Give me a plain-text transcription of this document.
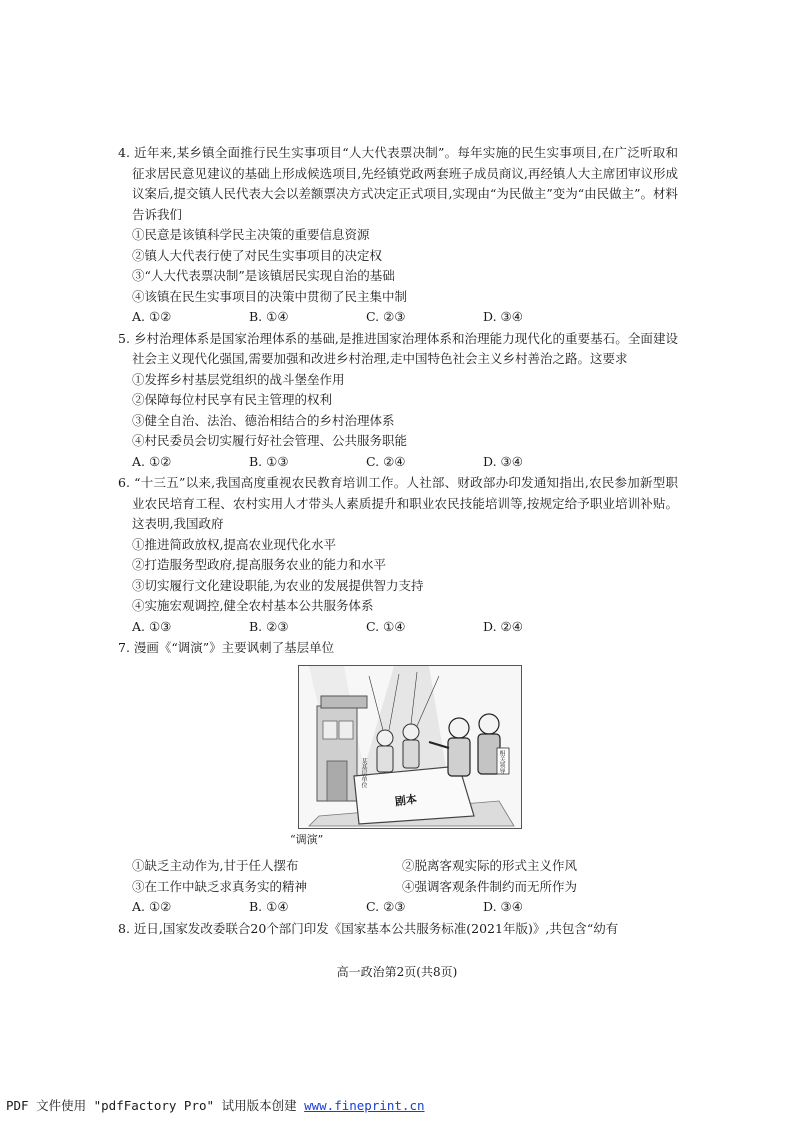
4. 近年来,某乡镇全面推行民生实事项目“人大代表票决制”。每年实施的民生实事项目,在广泛听取和征求居民意见建议的基础上形成候选项目,先经镇党政两套班子成员商议,再经镇人大主席团审议形成议案后,提交镇人民代表大会以差额票决方式决定正式项目,实现由“为民做主”变为“由民做主”。材料告诉我们
①民意是该镇科学民主决策的重要信息资源
②镇人大代表行使了对民生实事项目的决定权
③“人大代表票决制”是该镇居民实现自治的基础
④该镇在民生实事项目的决策中贯彻了民主集中制
A. ①②	B. ①④	C. ②③	D. ③④
5. 乡村治理体系是国家治理体系的基础,是推进国家治理体系和治理能力现代化的重要基石。全面建设社会主义现代化强国,需要加强和改进乡村治理,走中国特色社会主义乡村善治之路。这要求
①发挥乡村基层党组织的战斗堡垒作用
②保障每位村民享有民主管理的权利
③健全自治、法治、德治相结合的乡村治理体系
④村民委员会切实履行好社会管理、公共服务职能
A. ①②	B. ①③	C. ②④	D. ③④
6. “十三五”以来,我国高度重视农民教育培训工作。人社部、财政部办印发通知指出,农民参加新型职业农民培育工程、农村实用人才带头人素质提升和职业农民技能培训等,按规定给予职业培训补贴。这表明,我国政府
①推进简政放权,提高农业现代化水平
②打造服务型政府,提高服务农业的能力和水平
③切实履行文化建设职能,为农业的发展提供智力支持
④实施宏观调控,健全农村基本公共服务体系
A. ①③	B. ②③	C. ①④	D. ②④
7. 漫画《“调演”》主要讽刺了基层单位
某基层单位	相关领导
剧本
“调演”
①缺乏主动作为,甘于任人摆布	②脱离客观实际的形式主义作风
③在工作中缺乏求真务实的精神	④强调客观条件制约而无所作为
A. ①②	B. ①④	C. ②③	D. ③④
8. 近日,国家发改委联合20个部门印发《国家基本公共服务标准(2021年版)》,共包含“幼有
高一政治第2页(共8页)
PDF 文件使用 "pdfFactory Pro" 试用版本创建 www.fineprint.cn
